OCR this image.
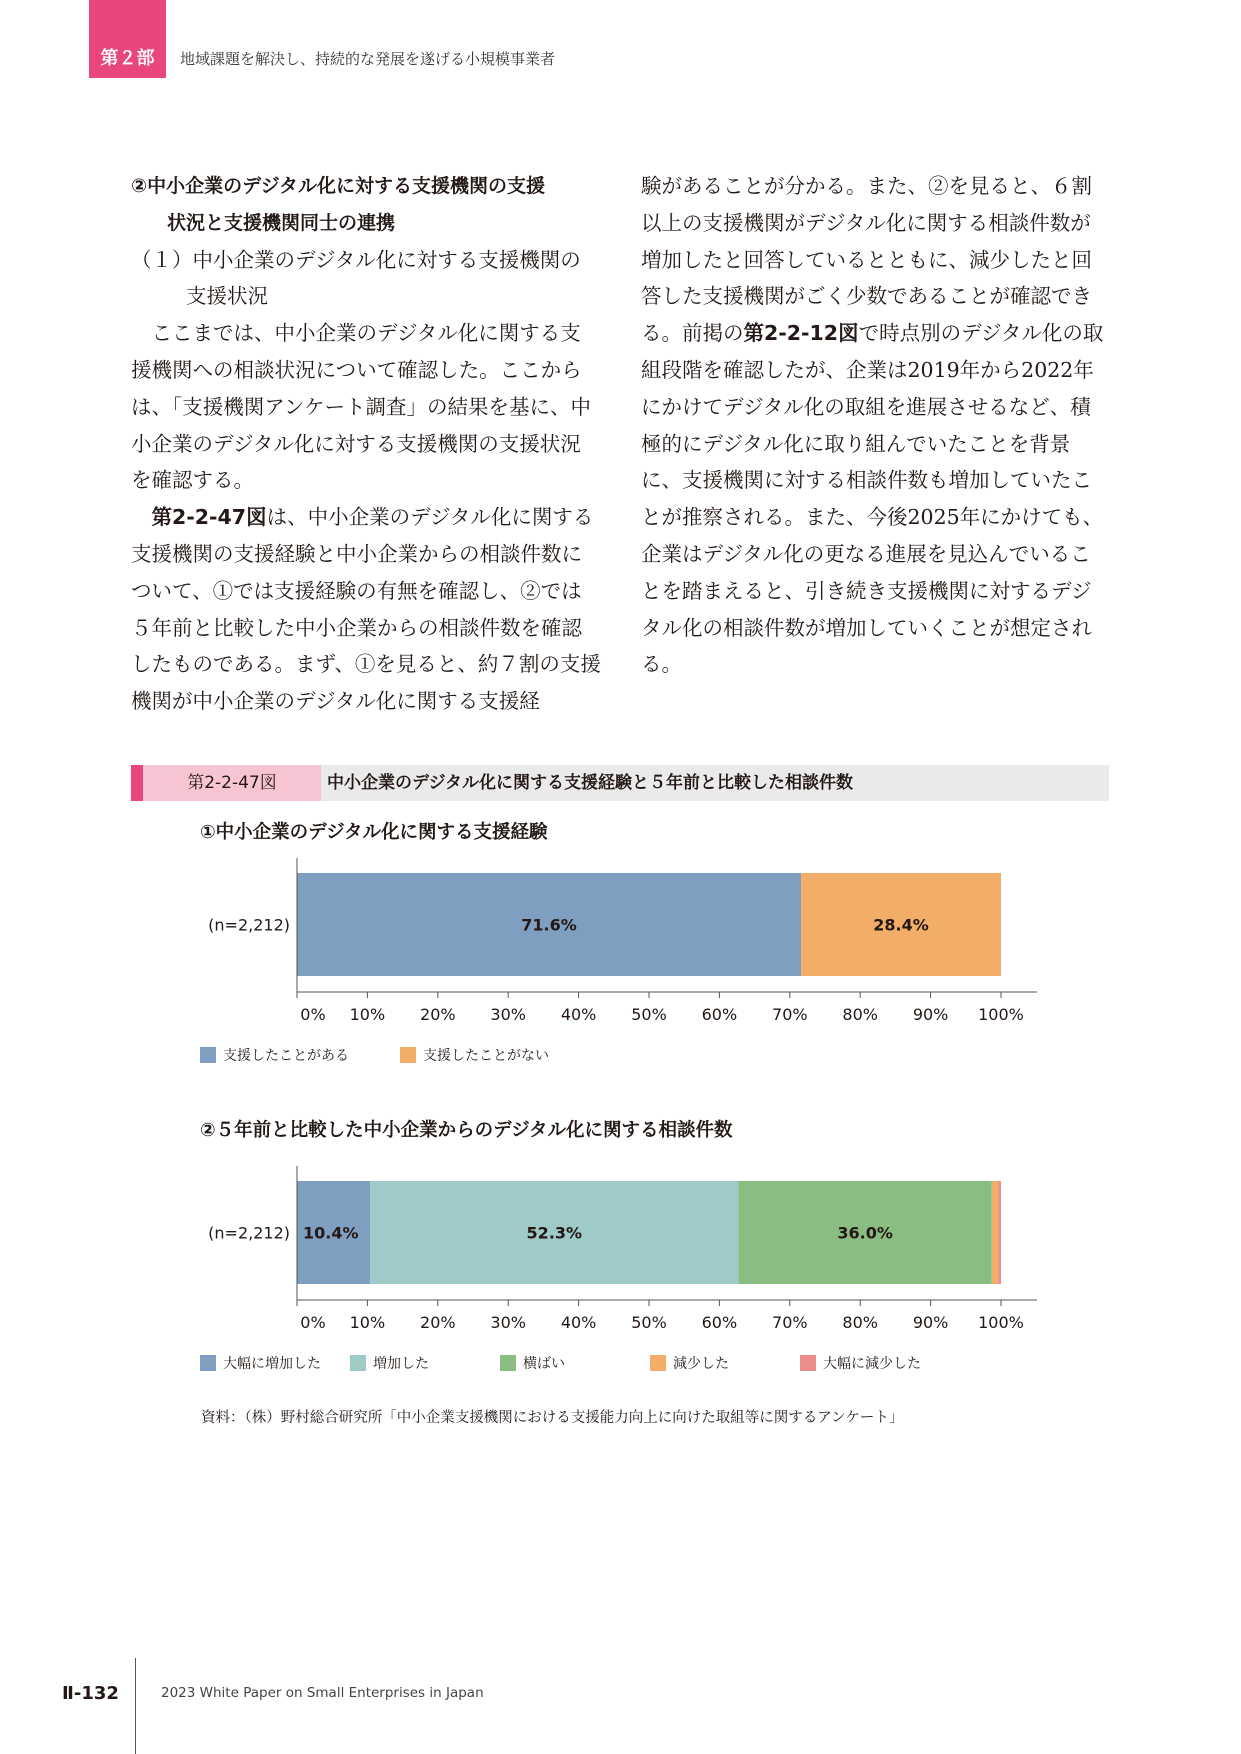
第２部	地域課題を解決し、持続的な発展を遂げる小規模事業者

②中小企業のデジタル化に対する支援機関の支援
状況と支援機関同士の連携

（１）中小企業のデジタル化に対する支援機関の
支援状況

ここまでは、中小企業のデジタル化に関する支援機関への相談状況について確認した。ここからは、「支援機関アンケート調査」の結果を基に、中小企業のデジタル化に対する支援機関の支援状況を確認する。

第2-2-47図は、中小企業のデジタル化に関する支援機関の支援経験と中小企業からの相談件数について、①では支援経験の有無を確認し、②では５年前と比較した中小企業からの相談件数を確認したものである。まず、①を見ると、約７割の支援機関が中小企業のデジタル化に関する支援経

験があることが分かる。また、②を見ると、６割以上の支援機関がデジタル化に関する相談件数が増加したと回答しているとともに、減少したと回答した支援機関がごく少数であることが確認できる。前掲の第2-2-12図で時点別のデジタル化の取組段階を確認したが、企業は2019年から2022年にかけてデジタル化の取組を進展させるなど、積極的にデジタル化に取り組んでいたことを背景に、支援機関に対する相談件数も増加していたことが推察される。また、今後2025年にかけても、企業はデジタル化の更なる進展を見込んでいることを踏まえると、引き続き支援機関に対するデジタル化の相談件数が増加していくことが想定される。

第2-2-47図	中小企業のデジタル化に関する支援経験と５年前と比較した相談件数
①中小企業のデジタル化に関する支援経験
(n=2,212)	71.6%	28.4%
0% 10% 20% 30% 40% 50% 60% 70% 80% 90% 100%
支援したことがある	支援したことがない
②５年前と比較した中小企業からのデジタル化に関する相談件数
(n=2,212) 10.4%	52.3%	36.0%
0% 10% 20% 30% 40% 50% 60% 70% 80% 90% 100%
大幅に増加した	増加した	横ばい	減少した	大幅に減少した
資料：（株）野村総合研究所「中小企業支援機関における支援能力向上に向けた取組等に関するアンケート」
Ⅱ-132	2023 White Paper on Small Enterprises in Japan
